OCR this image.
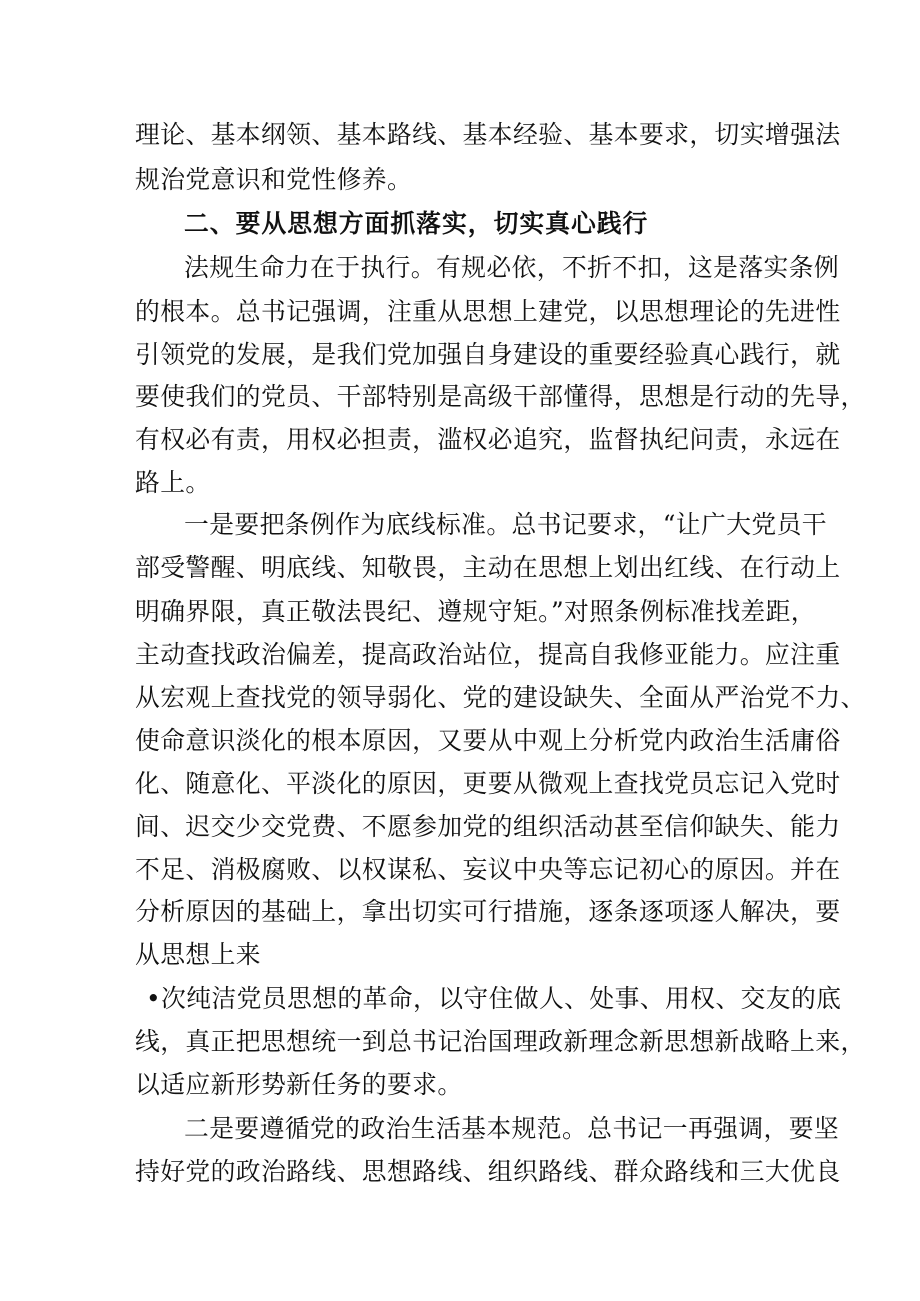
理论、基本纲领、基本路线、基本经验、基本要求，切实增强法
规治党意识和党性修养。
二、要从思想方面抓落实，切实真心践行
法规生命力在于执行。有规必依，不折不扣，这是落实条例
的根本。总书记强调，注重从思想上建党，以思想理论的先进性
引领党的发展，是我们党加强自身建设的重要经验真心践行，就
要使我们的党员、干部特别是高级干部懂得，思想是行动的先导，
有权必有责，用权必担责，滥权必追究，监督执纪问责，永远在
路上。
一是要把条例作为底线标准。总书记要求，“让广大党员干
部受警醒、明底线、知敬畏，主动在思想上划出红线、在行动上
明确界限，真正敬法畏纪、遵规守矩。”对照条例标准找差距，
主动查找政治偏差，提高政治站位，提高自我修亚能力。应注重
从宏观上查找党的领导弱化、党的建设缺失、全面从严治党不力、
使命意识淡化的根本原因，又要从中观上分析党内政治生活庸俗
化、随意化、平淡化的原因，更要从微观上查找党员忘记入党时
间、迟交少交党费、不愿参加党的组织活动甚至信仰缺失、能力
不足、消极腐败、以权谋私、妄议中央等忘记初心的原因。并在
分析原因的基础上，拿出切实可行措施，逐条逐项逐人解决，要
从思想上来
•次纯洁党员思想的革命，以守住做人、处事、用权、交友的底
线，真正把思想统一到总书记治国理政新理念新思想新战略上来，
以适应新形势新任务的要求。
二是要遵循党的政治生活基本规范。总书记一再强调，要坚
持好党的政治路线、思想路线、组织路线、群众路线和三大优良
